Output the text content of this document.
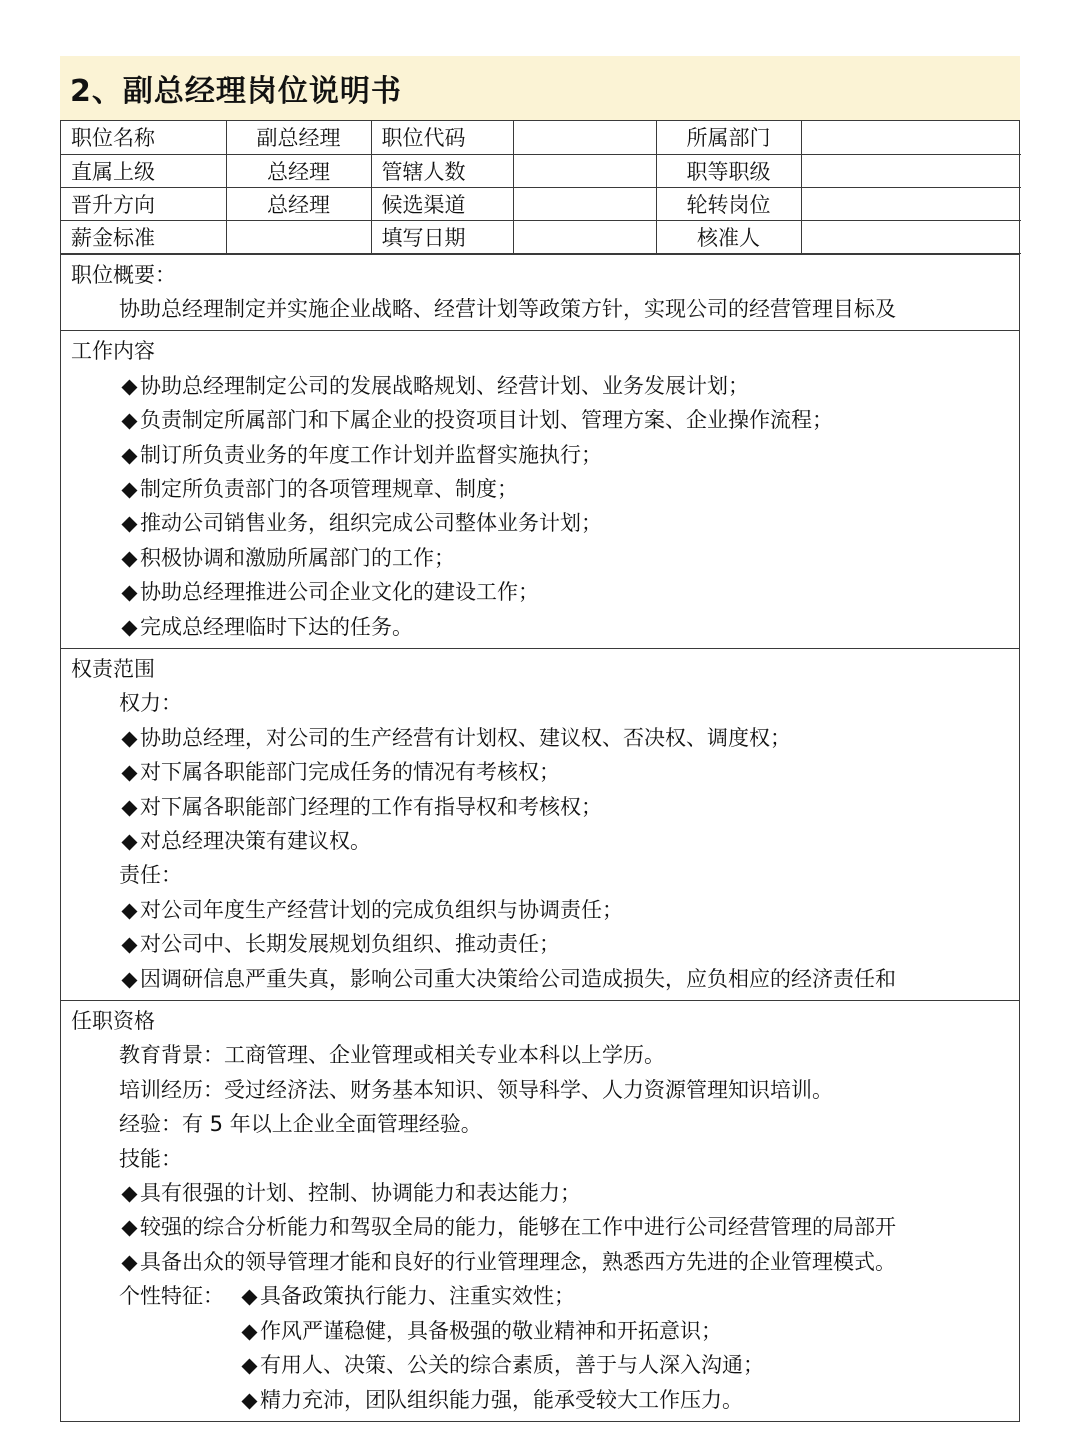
2、副总经理岗位说明书
职位名称	副总经理	职位代码		所属部门	
直属上级	总经理	管辖人数		职等职级	
晋升方向	总经理	候选渠道		轮转岗位	
薪金标准		填写日期		核准人	
职位概要：
协助总经理制定并实施企业战略、经营计划等政策方针，实现公司的经营管理目标及
工作内容
◆ 协助总经理制定公司的发展战略规划、经营计划、业务发展计划；
◆ 负责制定所属部门和下属企业的投资项目计划、管理方案、企业操作流程；
◆ 制订所负责业务的年度工作计划并监督实施执行；
◆ 制定所负责部门的各项管理规章、制度；
◆ 推动公司销售业务，组织完成公司整体业务计划；
◆ 积极协调和激励所属部门的工作；
◆ 协助总经理推进公司企业文化的建设工作；
◆ 完成总经理临时下达的任务。
权责范围
权力：
◆ 协助总经理，对公司的生产经营有计划权、建议权、否决权、调度权；
◆ 对下属各职能部门完成任务的情况有考核权；
◆ 对下属各职能部门经理的工作有指导权和考核权；
◆ 对总经理决策有建议权。
责任：
◆ 对公司年度生产经营计划的完成负组织与协调责任；
◆ 对公司中、长期发展规划负组织、推动责任；
◆ 因调研信息严重失真，影响公司重大决策给公司造成损失，应负相应的经济责任和
任职资格
教育背景：工商管理、企业管理或相关专业本科以上学历。
培训经历：受过经济法、财务基本知识、领导科学、人力资源管理知识培训。
经验：有 5 年以上企业全面管理经验。
技能：
◆ 具有很强的计划、控制、协调能力和表达能力；
◆ 较强的综合分析能力和驾驭全局的能力，能够在工作中进行公司经营管理的局部开
◆ 具备出众的领导管理才能和良好的行业管理理念，熟悉西方先进的企业管理模式。
个性特征： ◆ 具备政策执行能力、注重实效性；
◆ 作风严谨稳健，具备极强的敬业精神和开拓意识；
◆ 有用人、决策、公关的综合素质，善于与人深入沟通；
◆ 精力充沛，团队组织能力强，能承受较大工作压力。
